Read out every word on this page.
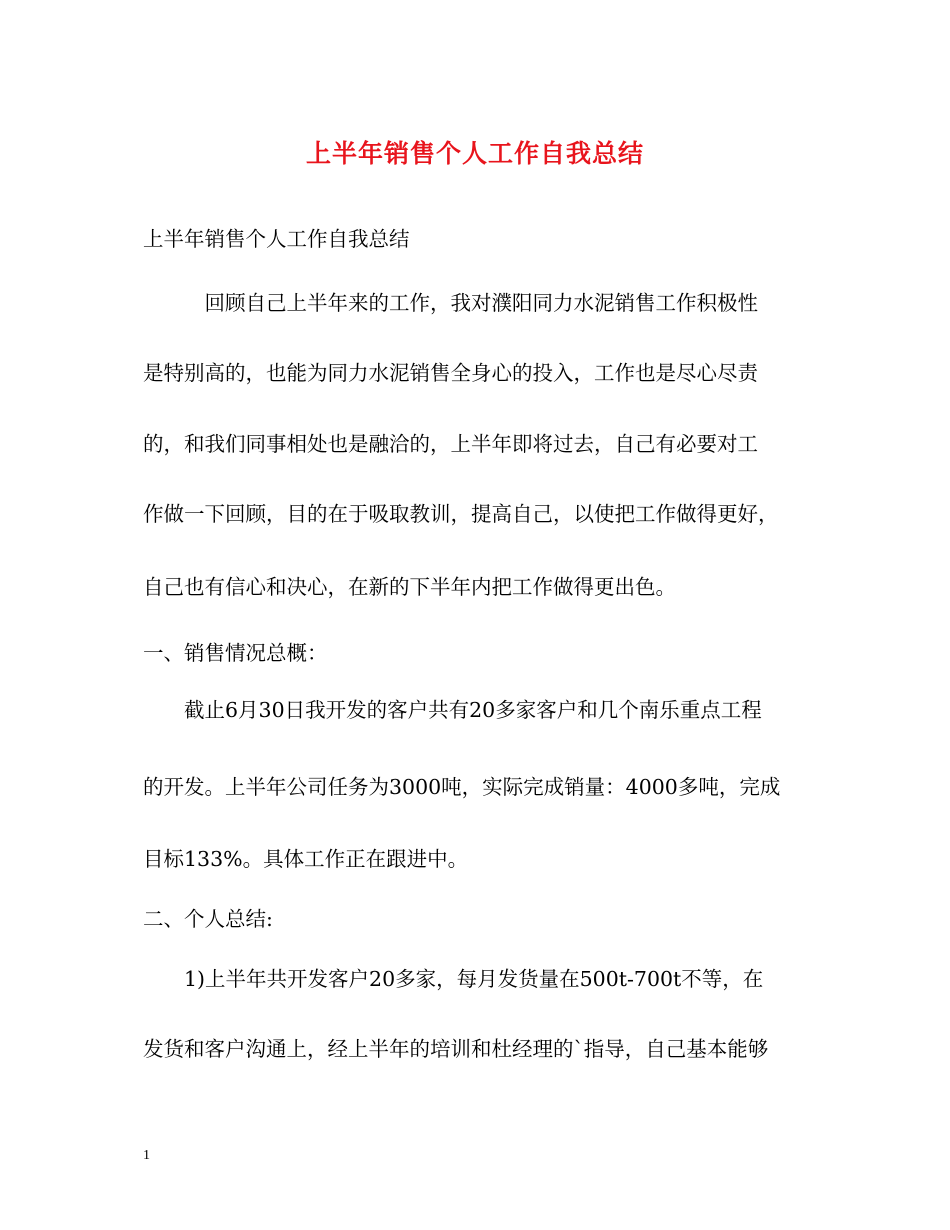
上半年销售个人工作自我总结
上半年销售个人工作自我总结
　　　回顾自己上半年来的工作，我对濮阳同力水泥销售工作积极性
是特别高的，也能为同力水泥销售全身心的投入，工作也是尽心尽责
的，和我们同事相处也是融洽的，上半年即将过去，自己有必要对工
作做一下回顾，目的在于吸取教训，提高自己，以使把工作做得更好，
自己也有信心和决心，在新的下半年内把工作做得更出色。
一、销售情况总概：
　　截止6月30日我开发的客户共有20多家客户和几个南乐重点工程
的开发。上半年公司任务为3000吨，实际完成销量：4000多吨，完成
目标133%。具体工作正在跟进中。
二、个人总结:
　　1)上半年共开发客户20多家，每月发货量在500t-700t不等，在
发货和客户沟通上，经上半年的培训和杜经理的`指导，自己基本能够
1
